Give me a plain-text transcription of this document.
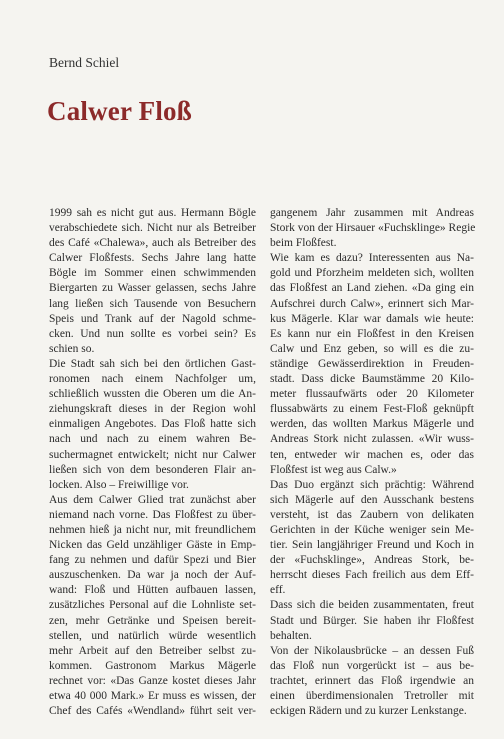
Bernd Schiel
Calwer Floß
1999 sah es nicht gut aus. Hermann Bögle
verabschiedete sich. Nicht nur als Betreiber
des Café «Chalewa», auch als Betreiber des
Calwer Floßfests. Sechs Jahre lang hatte
Bögle im Sommer einen schwimmenden
Biergarten zu Wasser gelassen, sechs Jahre
lang ließen sich Tausende von Besuchern
Speis und Trank auf der Nagold schme-
cken. Und nun sollte es vorbei sein? Es
schien so.
Die Stadt sah sich bei den örtlichen Gast-
ronomen nach einem Nachfolger um,
schließlich wussten die Oberen um die An-
ziehungskraft dieses in der Region wohl
einmaligen Angebotes. Das Floß hatte sich
nach und nach zu einem wahren Be-
suchermagnet entwickelt; nicht nur Calwer
ließen sich von dem besonderen Flair an-
locken. Also – Freiwillige vor.
Aus dem Calwer Glied trat zunächst aber
niemand nach vorne. Das Floßfest zu über-
nehmen hieß ja nicht nur, mit freundlichem
Nicken das Geld unzähliger Gäste in Emp-
fang zu nehmen und dafür Spezi und Bier
auszuschenken. Da war ja noch der Auf-
wand: Floß und Hütten aufbauen lassen,
zusätzliches Personal auf die Lohnliste set-
zen, mehr Getränke und Speisen bereit-
stellen, und natürlich würde wesentlich
mehr Arbeit auf den Betreiber selbst zu-
kommen. Gastronom Markus Mägerle
rechnet vor: «Das Ganze kostet dieses Jahr
etwa 40 000 Mark.» Er muss es wissen, der
Chef des Cafés «Wendland» führt seit ver-
gangenem Jahr zusammen mit Andreas
Stork von der Hirsauer «Fuchsklinge» Regie
beim Floßfest.
Wie kam es dazu? Interessenten aus Na-
gold und Pforzheim meldeten sich, wollten
das Floßfest an Land ziehen. «Da ging ein
Aufschrei durch Calw», erinnert sich Mar-
kus Mägerle. Klar war damals wie heute:
Es kann nur ein Floßfest in den Kreisen
Calw und Enz geben, so will es die zu-
ständige Gewässerdirektion in Freuden-
stadt. Dass dicke Baumstämme 20 Kilo-
meter flussaufwärts oder 20 Kilometer
flussabwärts zu einem Fest-Floß geknüpft
werden, das wollten Markus Mägerle und
Andreas Stork nicht zulassen. «Wir wuss-
ten, entweder wir machen es, oder das
Floßfest ist weg aus Calw.»
Das Duo ergänzt sich prächtig: Während
sich Mägerle auf den Ausschank bestens
versteht, ist das Zaubern von delikaten
Gerichten in der Küche weniger sein Me-
tier. Sein langjähriger Freund und Koch in
der «Fuchsklinge», Andreas Stork, be-
herrscht dieses Fach freilich aus dem Eff-
eff.
Dass sich die beiden zusammentaten, freut
Stadt und Bürger. Sie haben ihr Floßfest
behalten.
Von der Nikolausbrücke – an dessen Fuß
das Floß nun vorgerückt ist – aus be-
trachtet, erinnert das Floß irgendwie an
einen überdimensionalen Tretroller mit
eckigen Rädern und zu kurzer Lenkstange.
